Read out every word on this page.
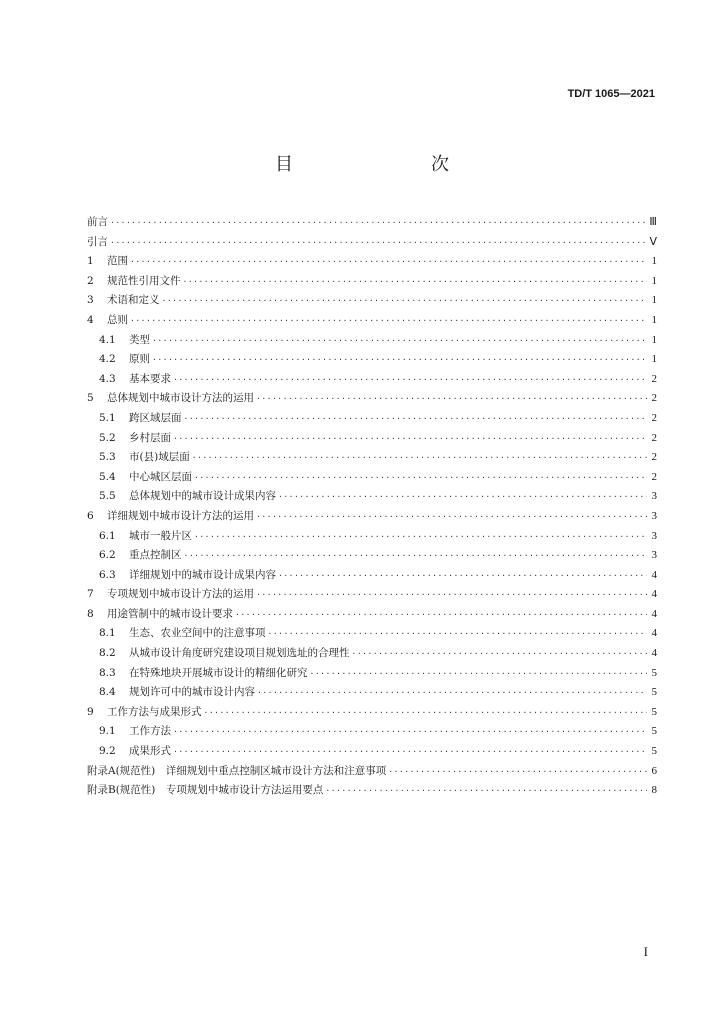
TD/T 1065—2021
目　　次
前言 ·····	Ⅲ
引言 ·····	Ⅴ
1	范围 ·····	1
2	规范性引用文件 ·····	1
3	术语和定义 ·····	1
4	总则 ·····	1
4.1	类型 ·····	1
4.2	原则 ·····	1
4.3	基本要求 ·····	2
5	总体规划中城市设计方法的运用 ·····	2
5.1	跨区域层面 ·····	2
5.2	乡村层面 ·····	2
5.3	市(县)域层面 ·····	2
5.4	中心城区层面 ·····	2
5.5	总体规划中的城市设计成果内容 ·····	3
6	详细规划中城市设计方法的运用 ·····	3
6.1	城市一般片区 ·····	3
6.2	重点控制区 ·····	3
6.3	详细规划中的城市设计成果内容 ·····	4
7	专项规划中城市设计方法的运用 ·····	4
8	用途管制中的城市设计要求 ·····	4
8.1	生态、农业空间中的注意事项 ·····	4
8.2	从城市设计角度研究建设项目规划选址的合理性 ·····	4
8.3	在特殊地块开展城市设计的精细化研究 ·····	5
8.4	规划许可中的城市设计内容 ·····	5
9	工作方法与成果形式 ·····	5
9.1	工作方法 ·····	5
9.2	成果形式 ·····	5
附录A(规范性)　详细规划中重点控制区城市设计方法和注意事项 ·····	6
附录B(规范性)　专项规划中城市设计方法运用要点 ·····	8
I
